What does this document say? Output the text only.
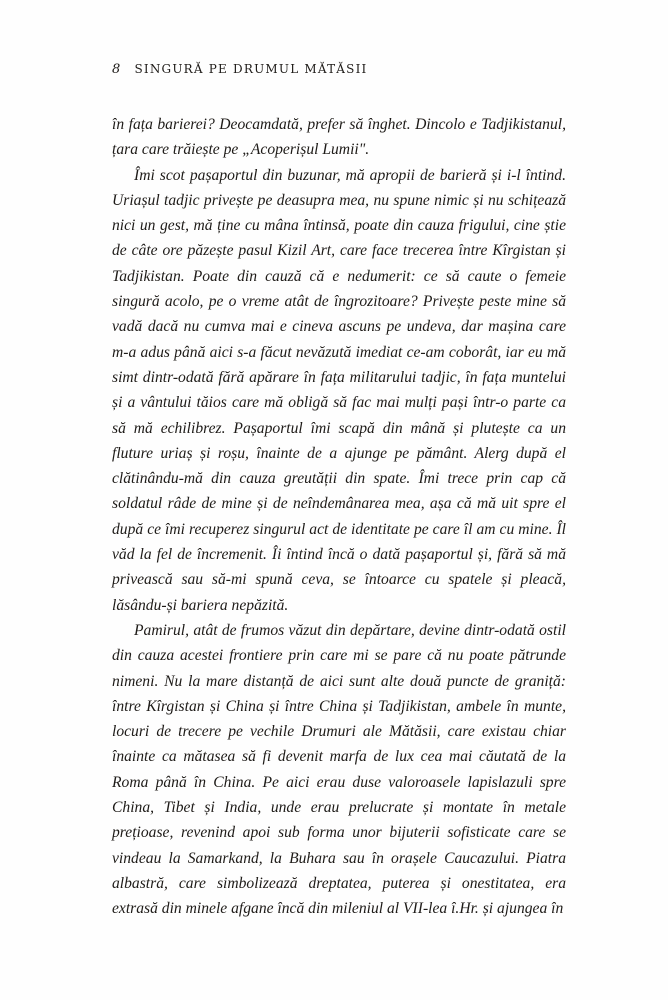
8 SINGURĂ PE DRUMUL MĂTĂSII

în fața barierei? Deocamdată, prefer să înghet. Dincolo e Tadjikistanul, țara care trăiește pe „Acoperișul Lumii".

Îmi scot pașaportul din buzunar, mă apropii de barieră și i-l întind. Uriașul tadjic privește pe deasupra mea, nu spune nimic și nu schițează nici un gest, mă ține cu mâna întinsă, poate din cauza frigului, cine știe de câte ore păzește pasul Kizil Art, care face trecerea între Kîrgistan și Tadjikistan. Poate din cauză că e nedumerit: ce să caute o femeie singură acolo, pe o vreme atât de îngrozitoare? Privește peste mine să vadă dacă nu cumva mai e cineva ascuns pe undeva, dar mașina care m-a adus până aici s-a făcut nevăzută imediat ce-am coborât, iar eu mă simt dintr-odată fără apărare în fața militarului tadjic, în fața muntelui și a vântului tăios care mă obligă să fac mai mulți pași într-o parte ca să mă echilibrez. Pașaportul îmi scapă din mână și plutește ca un fluture uriaș și roșu, înainte de a ajunge pe pământ. Alerg după el clătinându-mă din cauza greutății din spate. Îmi trece prin cap că soldatul râde de mine și de neîndemânarea mea, așa că mă uit spre el după ce îmi recuperez singurul act de identitate pe care îl am cu mine. Îl văd la fel de încremenit. Îi întind încă o dată pașaportul și, fără să mă privească sau să-mi spună ceva, se întoarce cu spatele și pleacă, lăsându-și bariera nepăzită.

Pamirul, atât de frumos văzut din depărtare, devine dintr-odată ostil din cauza acestei frontiere prin care mi se pare că nu poate pătrunde nimeni. Nu la mare distanță de aici sunt alte două puncte de graniță: între Kîrgistan și China și între China și Tadjikistan, ambele în munte, locuri de trecere pe vechile Drumuri ale Mătăsii, care existau chiar înainte ca mătasea să fi devenit marfa de lux cea mai căutată de la Roma până în China. Pe aici erau duse valoroasele lapislazuli spre China, Tibet și India, unde erau prelucrate și montate în metale prețioase, revenind apoi sub forma unor bijuterii sofisticate care se vindeau la Samarkand, la Buhara sau în orașele Caucazului. Piatra albastră, care simbolizează dreptatea, puterea și onestitatea, era extrasă din minele afgane încă din mileniul al VII-lea î.Hr. și ajungea în
